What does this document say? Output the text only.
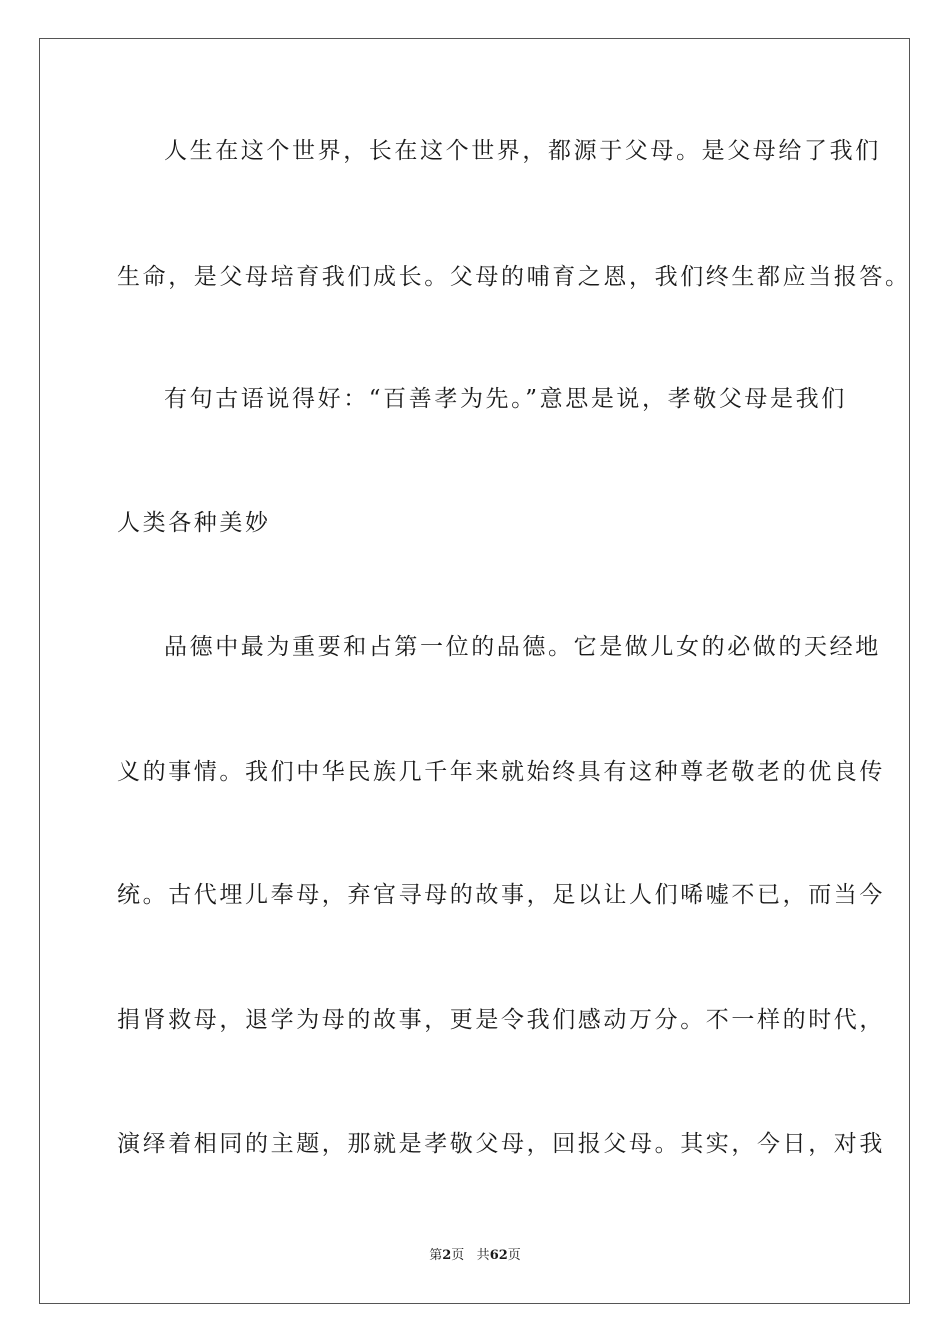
人生在这个世界，长在这个世界，都源于父母。是父母给了我们
生命，是父母培育我们成长。父母的哺育之恩，我们终生都应当报答。
有句古语说得好：“百善孝为先。”意思是说，孝敬父母是我们
人类各种美妙
品德中最为重要和占第一位的品德。它是做儿女的必做的天经地
义的事情。我们中华民族几千年来就始终具有这种尊老敬老的优良传
统。古代埋儿奉母，弃官寻母的故事，足以让人们唏嘘不已，而当今
捐肾救母，退学为母的故事，更是令我们感动万分。不一样的时代，
演绎着相同的主题，那就是孝敬父母，回报父母。其实，今日，对我
第2页 共62页
